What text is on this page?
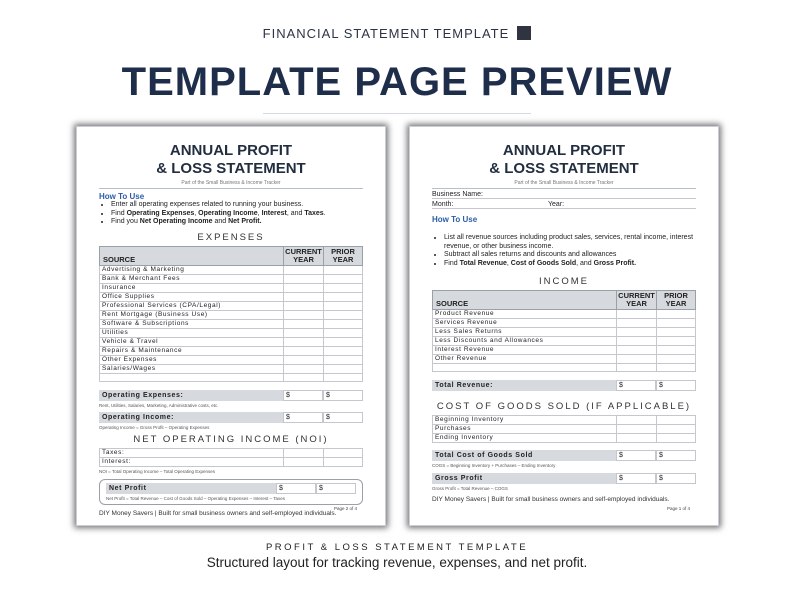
FINANCIAL STATEMENT TEMPLATE
TEMPLATE PAGE PREVIEW
ANNUAL PROFIT
& LOSS STATEMENT
Part of the Small Business & Income Tracker
How To Use
• Enter all operating expenses related to running your business.
• Find Operating Expenses, Operating Income, Interest, and Taxes.
• Find you Net Operating Income and Net Profit.
EXPENSES
SOURCE	CURRENT YEAR	PRIOR YEAR
Advertising & Marketing		
Bank & Merchant Fees		
Insurance		
Office Supplies		
Professional Services (CPA/Legal)		
Rent Mortgage (Business Use)		
Software & Subscriptions		
Utilities		
Vehicle & Travel		
Repairs & Maintenance		
Other Expenses		
Salaries/Wages		

Operating Expenses:	$	$
Rent, Utilities, Salaries, Marketing, Administrative costs, etc.
Operating Income:	$	$
Operating Income = Gross Profit – Operating Expenses
NET OPERATING INCOME (NOI)
Taxes:		
Interest:		
NOI = Total Operating Income – Total Operating Expenses
Net Profit	$	$
Net Profit = Total Revenue – Cost of Goods Sold – Operating Expenses – Interest – Taxes
DIY Money Savers | Built for small business owners and self-employed individuals.
Page 2 of 4
ANNUAL PROFIT
& LOSS STATEMENT
Part of the Small Business & Income Tracker
Business Name:
Month:	Year:
How To Use
• List all revenue sources including product sales, services, rental income, interest revenue, or other business income.
• Subtract all sales returns and discounts and allowances
• Find Total Revenue, Cost of Goods Sold, and Gross Profit.
INCOME
SOURCE	CURRENT YEAR	PRIOR YEAR
Product Revenue		
Services Revenue		
Less Sales Returns		
Less Discounts and Allowances		
Interest Revenue		
Other Revenue		

Total Revenue:	$	$
COST OF GOODS SOLD (IF APPLICABLE)
Beginning Inventory		
Purchases		
Ending Inventory		
Total Cost of Goods Sold	$	$
COGS = Beginning Inventory + Purchases – Ending Inventory
Gross Profit	$	$
Gross Profit = Total Revenue – COGS
DIY Money Savers | Built for small business owners and self-employed individuals.
Page 1 of 4
PROFIT & LOSS STATEMENT TEMPLATE
Structured layout for tracking revenue, expenses, and net profit.
